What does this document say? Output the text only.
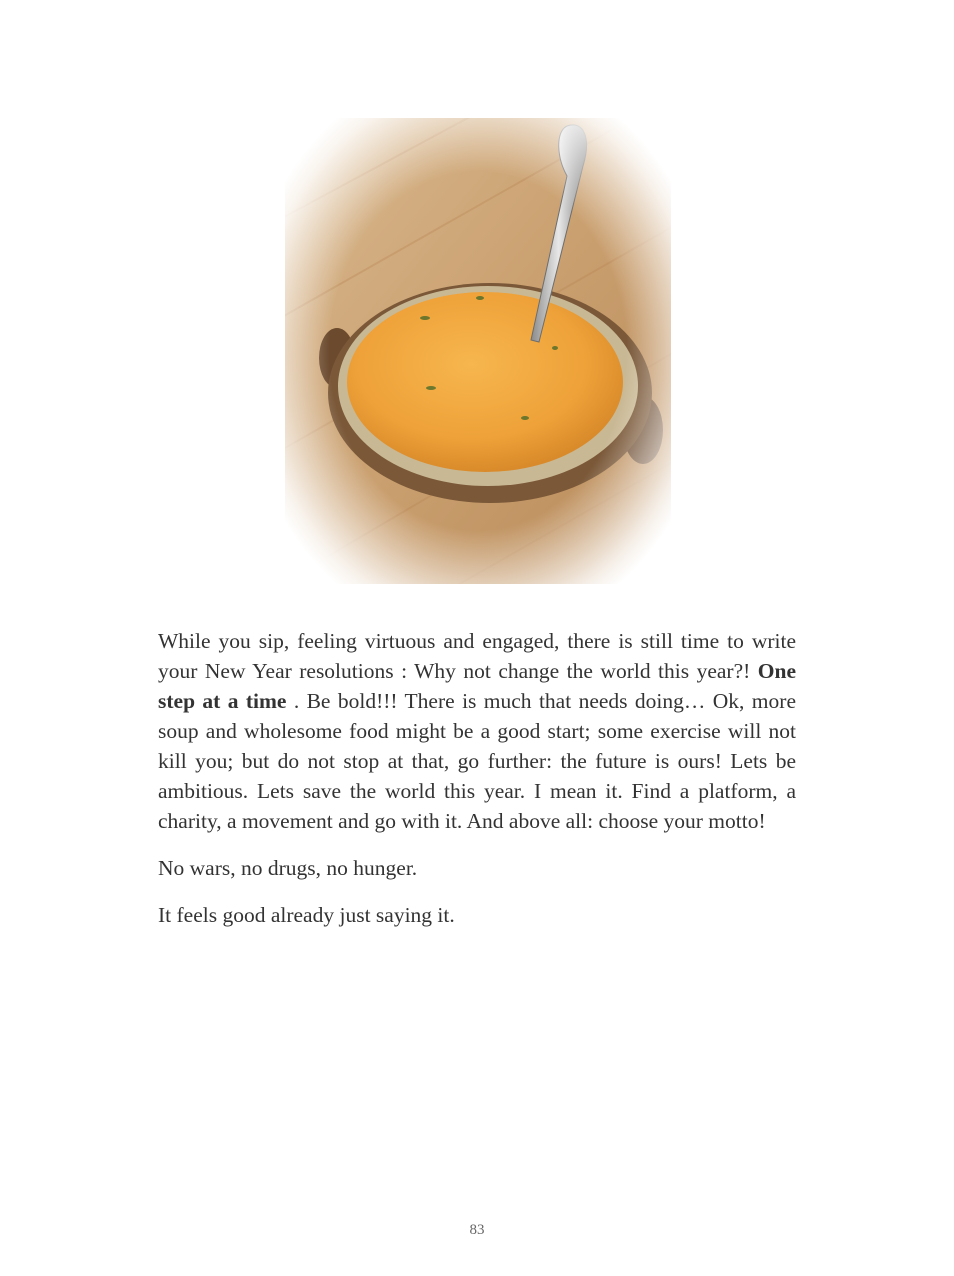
While you sip, feeling virtuous and engaged, there is still time to write your New Year resolutions : Why not change the world this year?! One step at a time . Be bold!!! There is much that needs doing… Ok, more soup and wholesome food might be a good start; some exercise will not kill you; but do not stop at that, go further: the future is ours! Lets be ambitious. Lets save the world this year. I mean it. Find a platform, a charity, a movement and go with it. And above all: choose your motto!

No wars, no drugs, no hunger.

It feels good already just saying it.

83
